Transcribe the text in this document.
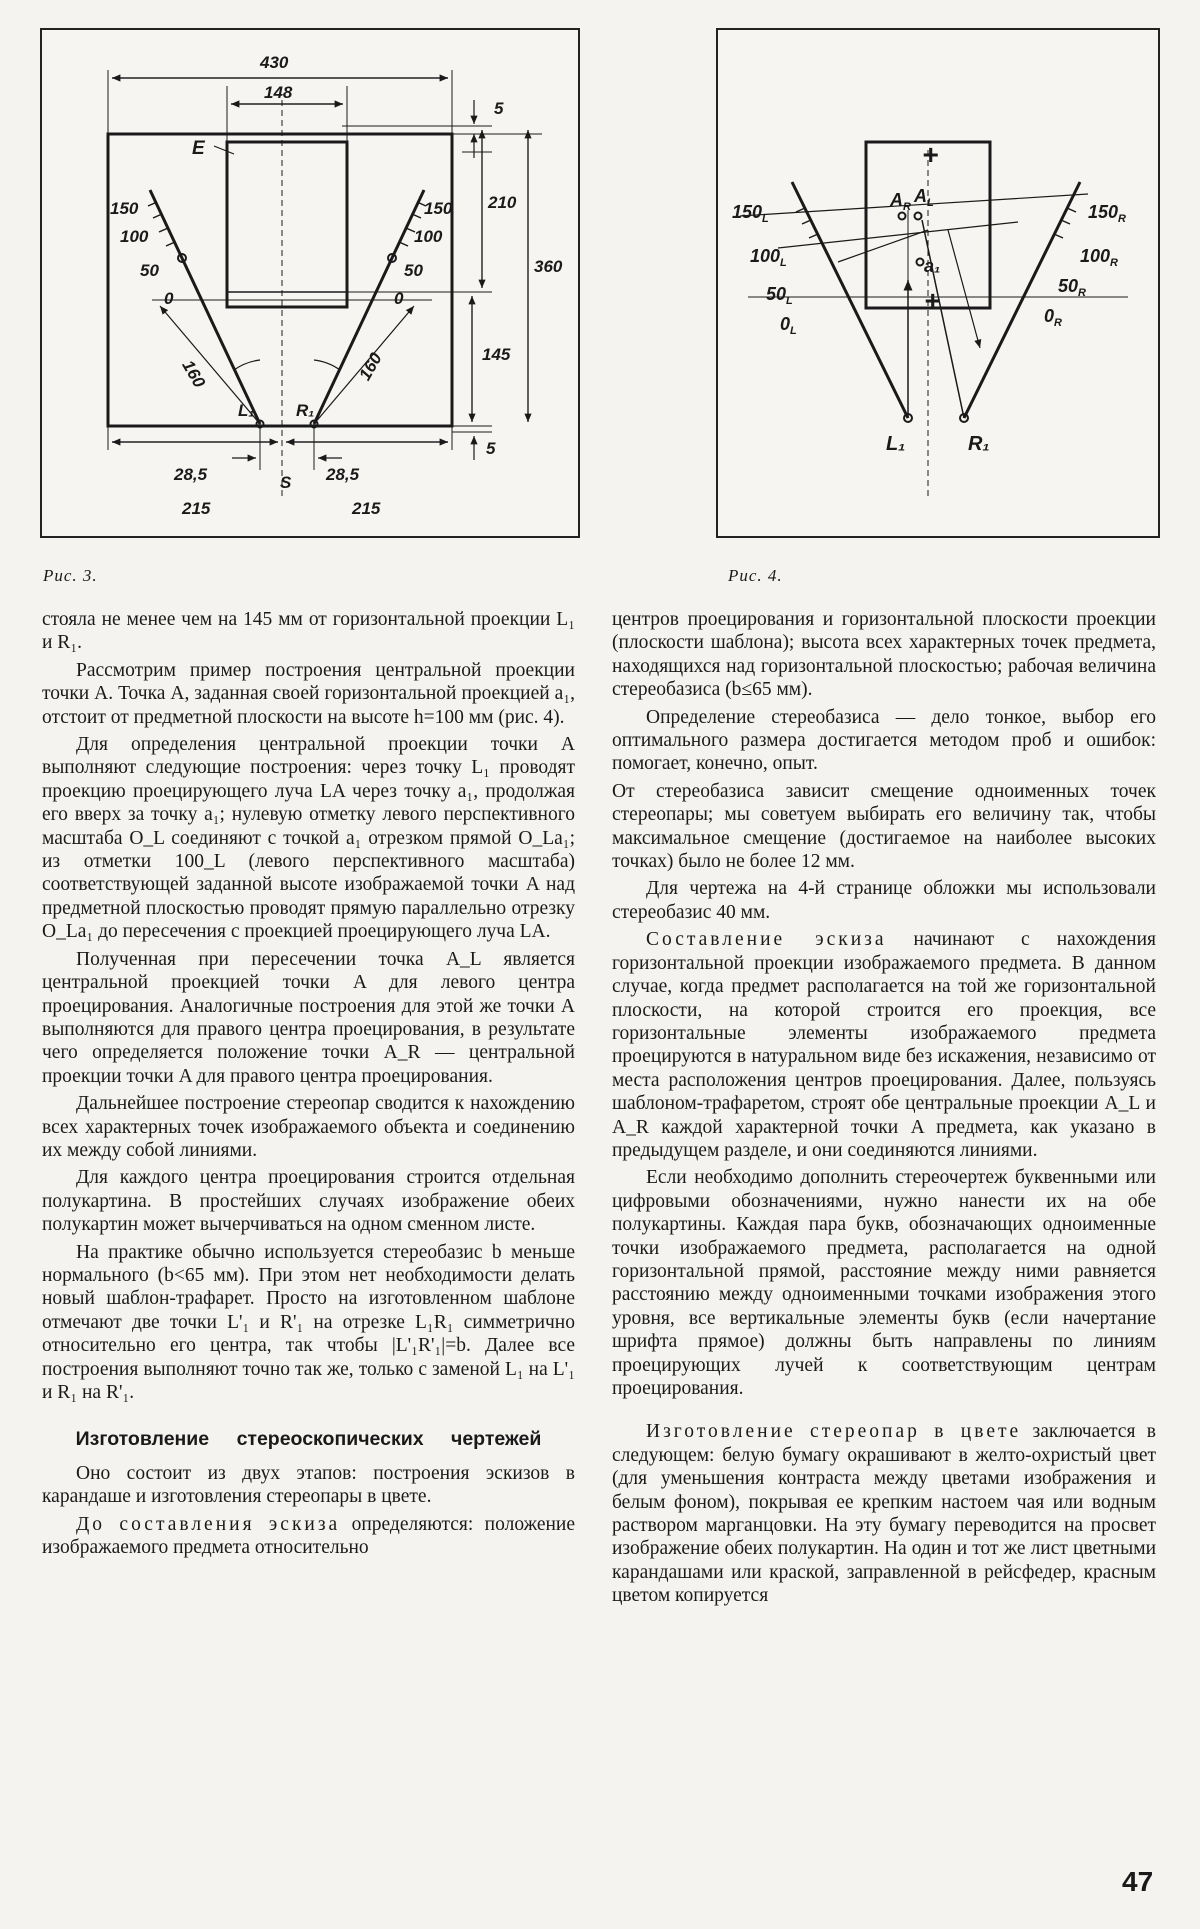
430
148
E
5
210
360
145
5
150
100
50
0
150
100
50
0
160	160
L₁ R₁
28,5	28,5
S
215	215
Рис. 3.
+
+
$A_R$
$A_L$
a₁
$150_L$
$100_L$
$50_L$
$0_L$
$150_R$
$100_R$
$50_R$
$0_R$
L₁	R₁
Рис. 4.

стояла не менее чем на 145 мм от горизонтальной проекции L₁ и R₁.

Рассмотрим пример построения центральной проекции точки A. Точка A, заданная своей горизонтальной проекцией a₁, отстоит от предметной плоскости на высоте h=100 мм (рис. 4).

Для определения центральной проекции точки A выполняют следующие построения: через точку L₁ проводят проекцию проецирующего луча LA через точку a₁, продолжая его вверх за точку a₁; нулевую отметку левого перспективного масштаба O_L соединяют с точкой a₁ отрезком прямой O_La₁; из отметки 100_L (левого перспективного масштаба) соответствующей заданной высоте изображаемой точки A над предметной плоскостью проводят прямую параллельно отрезку O_La₁ до пересечения с проекцией проецирующего луча LA.

Полученная при пересечении точка A_L является центральной проекцией точки A для левого центра проецирования. Аналогичные построения для этой же точки A выполняются для правого центра проецирования, в результате чего определяется положение точки A_R — центральной проекции точки A для правого центра проецирования.

Дальнейшее построение стереопар сводится к нахождению всех характерных точек изображаемого объекта и соединению их между собой линиями.

Для каждого центра проецирования строится отдельная полукартина. В простейших случаях изображение обеих полукартин может вычерчиваться на одном сменном листе.

На практике обычно используется стереобазис b меньше нормального (b<65 мм). При этом нет необходимости делать новый шаблон-трафарет. Просто на изготовленном шаблоне отмечают две точки L'₁ и R'₁ на отрезке L₁R₁ симметрично относительно его центра, так чтобы |L'₁R'₁|=b. Далее все построения выполняют точно так же, только с заменой L₁ на L'₁ и R₁ на R'₁.

Изготовление стереоскопических чертежей

Оно состоит из двух этапов: построения эскизов в карандаше и изготовления стереопары в цвете.

До составления эскиза определяются: положение изображаемого предмета относительно

центров проецирования и горизонтальной плоскости проекции (плоскости шаблона); высота всех характерных точек предмета, находящихся над горизонтальной плоскостью; рабочая величина стереобазиса (b≤65 мм).

Определение стереобазиса — дело тонкое, выбор его оптимального размера достигается методом проб и ошибок: помогает, конечно, опыт.

От стереобазиса зависит смещение одноименных точек стереопары; мы советуем выбирать его величину так, чтобы максимальное смещение (достигаемое на наиболее высоких точках) было не более 12 мм.

Для чертежа на 4-й странице обложки мы использовали стереобазис 40 мм.

Составление эскиза начинают с нахождения горизонтальной проекции изображаемого предмета. В данном случае, когда предмет располагается на той же горизонтальной плоскости, на которой строится его проекция, все горизонтальные элементы изображаемого предмета проецируются в натуральном виде без искажения, независимо от места расположения центров проецирования. Далее, пользуясь шаблоном-трафаретом, строят обе центральные проекции A_L и A_R каждой характерной точки A предмета, как указано в предыдущем разделе, и они соединяются линиями.

Если необходимо дополнить стереочертеж буквенными или цифровыми обозначениями, нужно нанести их на обе полукартины. Каждая пара букв, обозначающих одноименные точки изображаемого предмета, располагается на одной горизонтальной прямой, расстояние между ними равняется расстоянию между одноименными точками изображения этого уровня, все вертикальные элементы букв (если начертание шрифта прямое) должны быть направлены по линиям проецирующих лучей к соответствующим центрам проецирования.

Изготовление стереопар в цвете заключается в следующем: белую бумагу окрашивают в желто-охристый цвет (для уменьшения контраста между цветами изображения и белым фоном), покрывая ее крепким настоем чая или водным раствором марганцовки. На эту бумагу переводится на просвет изображение обеих полукартин. На один и тот же лист цветными карандашами или краской, заправленной в рейсфедер, красным цветом копируется

47
